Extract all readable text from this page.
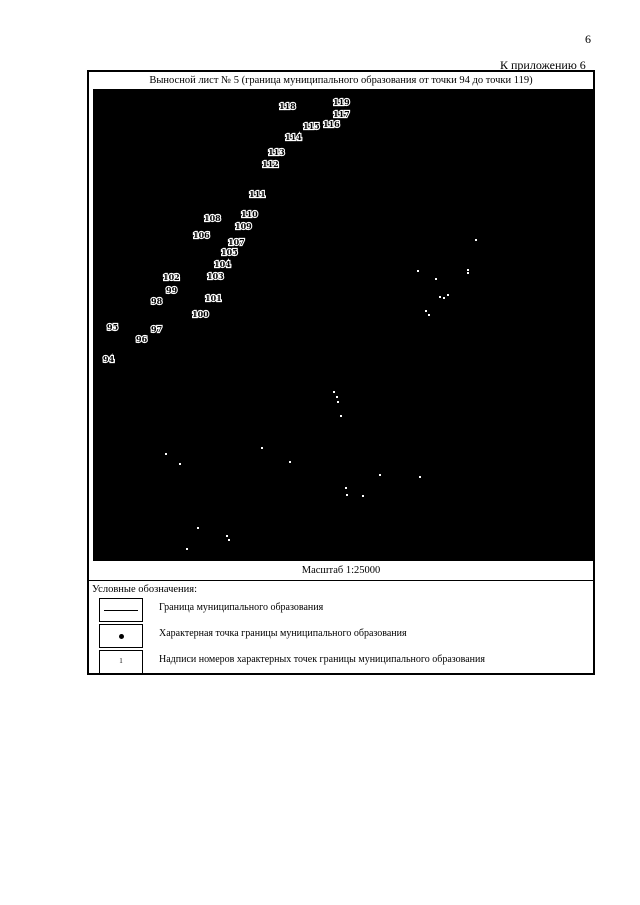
6
К приложению 6
Выносной лист № 5 (граница муниципального образования от точки 94 до точки 119)
94
95
96
97
98
99
100
101
102	103
104
105
106
107
108
109
110
111
112
113
114
115 116
117
118	119
Масштаб 1:25000
Условные обозначения:
Граница муниципального образования
Характерная точка границы муниципального образования
1	Надписи номеров характерных точек границы муниципального образования
